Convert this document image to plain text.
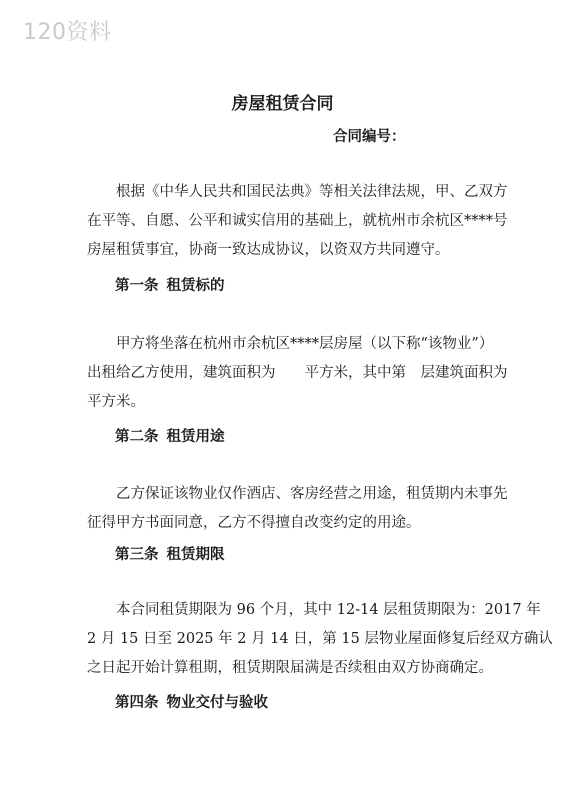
120资料
房屋租赁合同
合同编号：

根据《中华人民共和国民法典》等相关法律法规，甲、乙双方
在平等、自愿、公平和诚实信用的基础上，就杭州市余杭区****号
房屋租赁事宜，协商一致达成协议，以资双方共同遵守。

第一条 租赁标的

甲方将坐落在杭州市余杭区****层房屋（以下称“该物业”）
出租给乙方使用，建筑面积为　　平方米，其中第　层建筑面积为
平方米。

第二条 租赁用途

乙方保证该物业仅作酒店、客房经营之用途，租赁期内未事先
征得甲方书面同意，乙方不得擅自改变约定的用途。

第三条 租赁期限

本合同租赁期限为 96 个月，其中 12-14 层租赁期限为：2017 年
2 月 15 日至 2025 年 2 月 14 日，第 15 层物业屋面修复后经双方确认
之日起开始计算租期，租赁期限届满是否续租由双方协商确定。

第四条 物业交付与验收
